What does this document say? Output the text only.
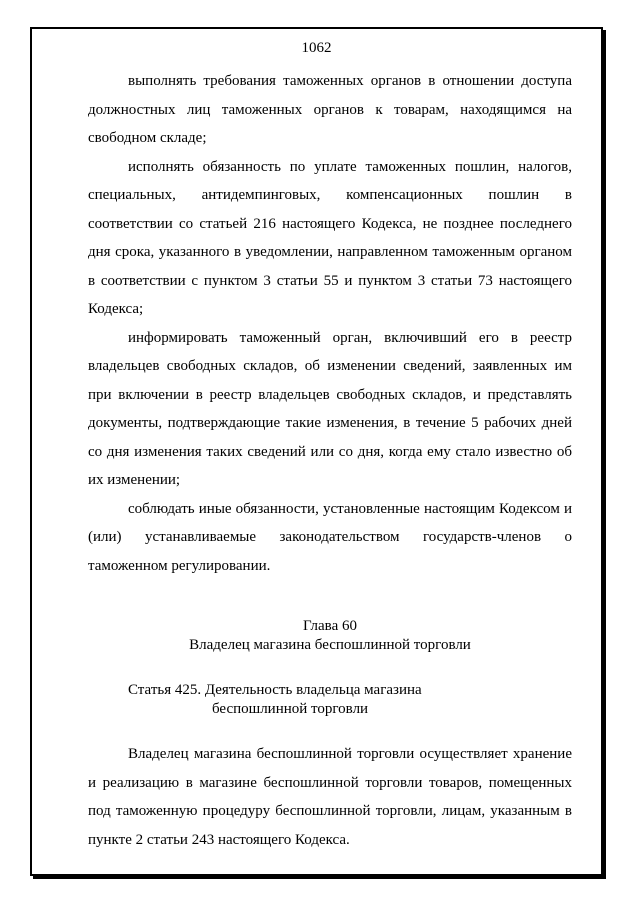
1062

выполнять требования таможенных органов в отношении доступа должностных лиц таможенных органов к товарам, находящимся на свободном складе;

исполнять обязанность по уплате таможенных пошлин, налогов, специальных, антидемпинговых, компенсационных пошлин в соответствии со статьей 216 настоящего Кодекса, не позднее последнего дня срока, указанного в уведомлении, направленном таможенным органом в соответствии с пунктом 3 статьи 55 и пунктом 3 статьи 73 настоящего Кодекса;

информировать таможенный орган, включивший его в реестр владельцев свободных складов, об изменении сведений, заявленных им при включении в реестр владельцев свободных складов, и представлять документы, подтверждающие такие изменения, в течение 5 рабочих дней со дня изменения таких сведений или со дня, когда ему стало известно об их изменении;

соблюдать иные обязанности, установленные настоящим Кодексом и (или) устанавливаемые законодательством государств-членов о таможенном регулировании.

Глава 60
Владелец магазина беспошлинной торговли
Статья 425. Деятельность владельца магазина
беспошлинной торговли

Владелец магазина беспошлинной торговли осуществляет хранение и реализацию в магазине беспошлинной торговли товаров, помещенных под таможенную процедуру беспошлинной торговли, лицам, указанным в пункте 2 статьи 243 настоящего Кодекса.
